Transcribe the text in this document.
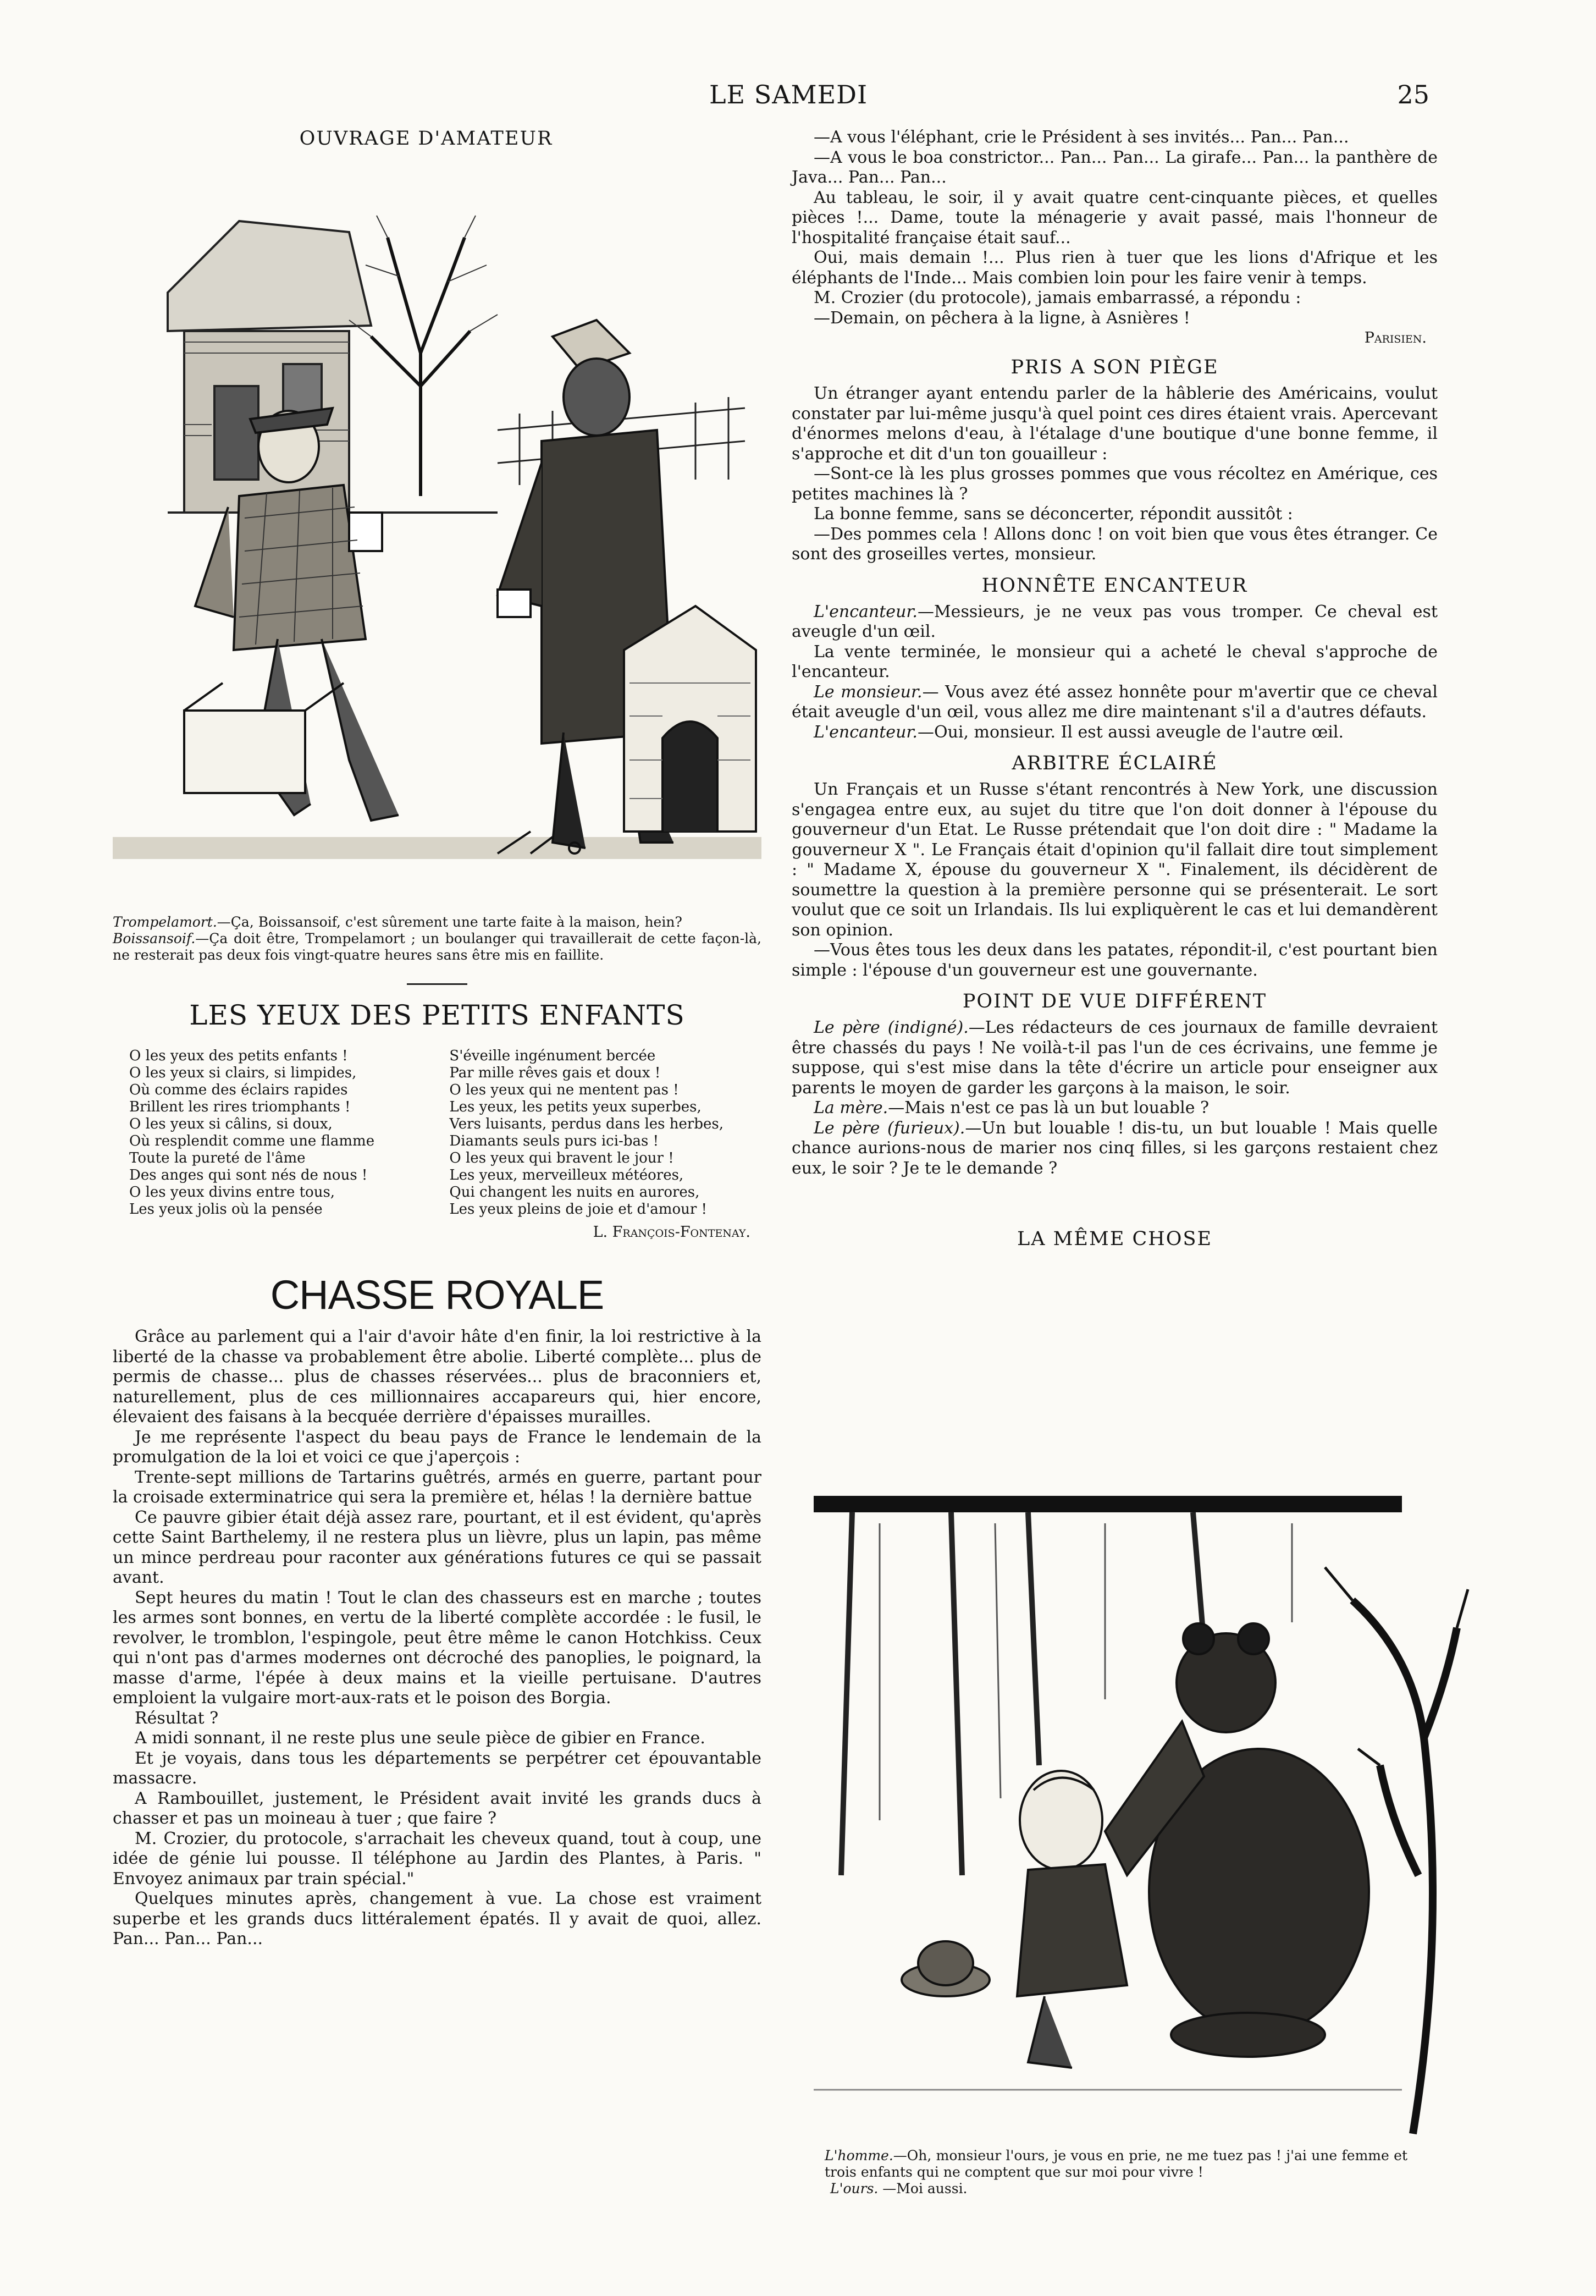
LE SAMEDI	25
OUVRAGE D'AMATEUR
Trompelamort.—Ça, Boissansoif, c'est sûrement une tarte faite à la maison, hein?
Boissansoif.—Ça doit être, Trompelamort ; un boulanger qui travaillerait de cette façon-là, ne resterait pas deux fois vingt-quatre heures sans être mis en faillite.
LES YEUX DES PETITS ENFANTS
O les yeux des petits enfants !
O les yeux si clairs, si limpides,
Où comme des éclairs rapides
Brillent les rires triomphants !
O les yeux si câlins, si doux,
Où resplendit comme une flamme
Toute la pureté de l'âme
Des anges qui sont nés de nous !
O les yeux divins entre tous,
Les yeux jolis où la pensée
S'éveille ingénument bercée
Par mille rêves gais et doux !
O les yeux qui ne mentent pas !
Les yeux, les petits yeux superbes,
Vers luisants, perdus dans les herbes,
Diamants seuls purs ici-bas !
O les yeux qui bravent le jour !
Les yeux, merveilleux météores,
Qui changent les nuits en aurores,
Les yeux pleins de joie et d'amour !
L. François-Fontenay.
CHASSE ROYALE

Grâce au parlement qui a l'air d'avoir hâte d'en finir, la loi restrictive à la liberté de la chasse va probablement être abolie. Liberté complète... plus de permis de chasse... plus de chasses réservées... plus de braconniers et, naturellement, plus de ces millionnaires accapareurs qui, hier encore, élevaient des faisans à la becquée derrière d'épaisses murailles.

Je me représente l'aspect du beau pays de France le lendemain de la promulgation de la loi et voici ce que j'aperçois :

Trente-sept millions de Tartarins guêtrés, armés en guerre, partant pour la croisade exterminatrice qui sera la première et, hélas ! la dernière battue

Ce pauvre gibier était déjà assez rare, pourtant, et il est évident, qu'après cette Saint Barthelemy, il ne restera plus un lièvre, plus un lapin, pas même un mince perdreau pour raconter aux générations futures ce qui se passait avant.

Sept heures du matin ! Tout le clan des chasseurs est en marche ; toutes les armes sont bonnes, en vertu de la liberté complète accordée : le fusil, le revolver, le tromblon, l'espingole, peut être même le canon Hotchkiss. Ceux qui n'ont pas d'armes modernes ont décroché des panoplies, le poignard, la masse d'arme, l'épée à deux mains et la vieille pertuisane. D'autres emploient la vulgaire mort-aux-rats et le poison des Borgia.

Résultat ?

A midi sonnant, il ne reste plus une seule pièce de gibier en France.

Et je voyais, dans tous les départements se perpétrer cet épouvantable massacre.

A Rambouillet, justement, le Président avait invité les grands ducs à chasser et pas un moineau à tuer ; que faire ?

M. Crozier, du protocole, s'arrachait les cheveux quand, tout à coup, une idée de génie lui pousse. Il téléphone au Jardin des Plantes, à Paris. " Envoyez animaux par train spécial."

Quelques minutes après, changement à vue. La chose est vraiment superbe et les grands ducs littéralement épatés. Il y avait de quoi, allez. Pan... Pan... Pan...

—A vous l'éléphant, crie le Président à ses invités... Pan... Pan...

—A vous le boa constrictor... Pan... Pan... La girafe... Pan... la panthère de Java... Pan... Pan...

Au tableau, le soir, il y avait quatre cent-cinquante pièces, et quelles pièces !... Dame, toute la ménagerie y avait passé, mais l'honneur de l'hospitalité française était sauf...

Oui, mais demain !... Plus rien à tuer que les lions d'Afrique et les éléphants de l'Inde... Mais combien loin pour les faire venir à temps.

M. Crozier (du protocole), jamais embarrassé, a répondu :

—Demain, on pêchera à la ligne, à Asnières !

Parisien.
PRIS A SON PIÈGE

Un étranger ayant entendu parler de la hâblerie des Américains, voulut constater par lui-même jusqu'à quel point ces dires étaient vrais. Apercevant d'énormes melons d'eau, à l'étalage d'une boutique d'une bonne femme, il s'approche et dit d'un ton gouailleur :

—Sont-ce là les plus grosses pommes que vous récoltez en Amérique, ces petites machines là ?

La bonne femme, sans se déconcerter, répondit aussitôt :

—Des pommes cela ! Allons donc ! on voit bien que vous êtes étranger. Ce sont des groseilles vertes, monsieur.

HONNÊTE ENCANTEUR

L'encanteur.—Messieurs, je ne veux pas vous tromper. Ce cheval est aveugle d'un œil.

La vente terminée, le monsieur qui a acheté le cheval s'approche de l'encanteur.

Le monsieur.— Vous avez été assez honnête pour m'avertir que ce cheval était aveugle d'un œil, vous allez me dire maintenant s'il a d'autres défauts.

L'encanteur.—Oui, monsieur. Il est aussi aveugle de l'autre œil.

ARBITRE ÉCLAIRÉ

Un Français et un Russe s'étant rencontrés à New York, une discussion s'engagea entre eux, au sujet du titre que l'on doit donner à l'épouse du gouverneur d'un Etat. Le Russe prétendait que l'on doit dire : " Madame la gouverneur X ". Le Français était d'opinion qu'il fallait dire tout simplement : " Madame X, épouse du gouverneur X ". Finalement, ils décidèrent de soumettre la question à la première personne qui se présenterait. Le sort voulut que ce soit un Irlandais. Ils lui expliquèrent le cas et lui demandèrent son opinion.

—Vous êtes tous les deux dans les patates, répondit-il, c'est pourtant bien simple : l'épouse d'un gouverneur est une gouvernante.

POINT DE VUE DIFFÉRENT

Le père (indigné).—Les rédacteurs de ces journaux de famille devraient être chassés du pays ! Ne voilà-t-il pas l'un de ces écrivains, une femme je suppose, qui s'est mise dans la tête d'écrire un article pour enseigner aux parents le moyen de garder les garçons à la maison, le soir.

La mère.—Mais n'est ce pas là un but louable ?

Le père (furieux).—Un but louable ! dis-tu, un but louable ! Mais quelle chance aurions-nous de marier nos cinq filles, si les garçons restaient chez eux, le soir ? Je te le demande ?

LA MÊME CHOSE
L'homme.—Oh, monsieur l'ours, je vous en prie, ne me tuez pas ! j'ai une femme et trois enfants qui ne comptent que sur moi pour vivre !
L'ours. —Moi aussi.
